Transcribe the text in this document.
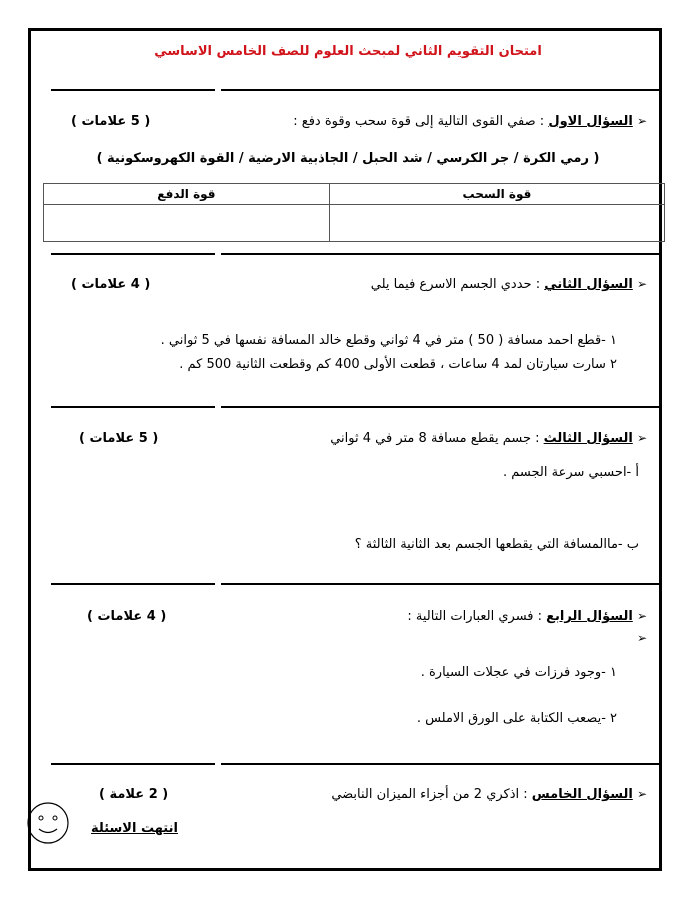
امتحان التقويم الثاني لمبحث العلوم للصف الخامس الاساسي
➢ السؤال الاول : صفي القوى التالية إلى قوة سحب وقوة دفع :
( 5 علامات )
( رمي الكرة / جر الكرسي / شد الحبل / الجاذبية الارضية / القوة الكهروسكونية )
قوة السحب	قوة الدفع

➢ السؤال الثاني : حددي الجسم الاسرع فيما يلي
( 4 علامات )
١ -قطع احمد مسافة ( 50 ) متر في 4 ثواني وقطع خالد المسافة نفسها في 5 ثواني .
٢ سارت سيارتان لمد 4 ساعات ، قطعت الأولى 400 كم وقطعت الثانية 500 كم .
➢ السؤال الثالث : جسم يقطع مسافة 8 متر في 4 ثواني
( 5 علامات )
أ -احسبي سرعة الجسم .
ب -ماالمسافة التي يقطعها الجسم بعد الثانية الثالثة ؟
➢ السؤال الرابع : فسري العبارات التالية :
➢
( 4 علامات )
١ -وجود فرزات في عجلات السيارة .
٢ -يصعب الكتابة على الورق الاملس .
➢ السؤال الخامس : اذكري 2 من أجزاء الميزان النابضي
( 2 علامة )
انتهت الاسئلة
